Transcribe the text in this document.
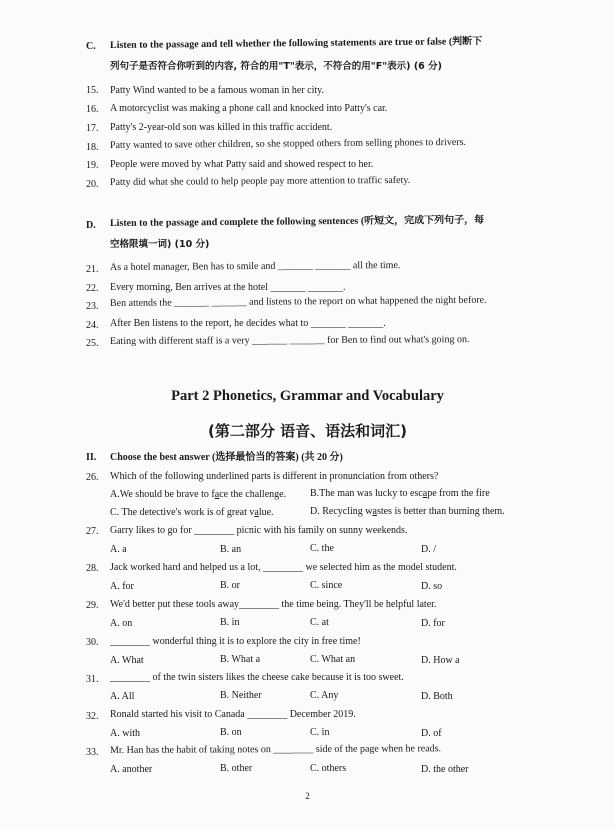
C. Listen to the passage and tell whether the following statements are true or false (判断下
列句子是否符合你听到的内容, 符合的用"T"表示，不符合的用"F"表示) (6 分)
15.	Patty Wind wanted to be a famous woman in her city.
16.	A motorcyclist was making a phone call and knocked into Patty's car.
17.	Patty's 2-year-old son was killed in this traffic accident.
18.	Patty wanted to save other children, so she stopped others from selling phones to drivers.
19.	People were moved by what Patty said and showed respect to her.
20.	Patty did what she could to help people pay more attention to traffic safety.
D. Listen to the passage and complete the following sentences (听短文，完成下列句子，每
空格限填一词) (10 分)
21.	As a hotel manager, Ben has to smile and _______ _______ all the time.
22.	Every morning, Ben arrives at the hotel _______ _______.
23.	Ben attends the _______ _______ and listens to the report on what happened the night before.
24.	After Ben listens to the report, he decides what to _______ _______.
25.	Eating with different staff is a very _______ _______ for Ben to find out what's going on.
Part 2 Phonetics, Grammar and Vocabulary
(第二部分 语音、语法和词汇)
II. Choose the best answer (选择最恰当的答案) (共 20 分)
26.	Which of the following underlined parts is different in pronunciation from others?
A.We should be brave to face the challenge. B.The man was lucky to escape from the fire
C. The detective's work is of great value.	D. Recycling wastes is better than burning them.
27.	Garry likes to go for ________ picnic with his family on sunny weekends.
A. a	B. an	C. the	D. /
28.	Jack worked hard and helped us a lot, ________ we selected him as the model student.
A. for	B. or	C. since	D. so
29.	We'd better put these tools away________ the time being. They'll be helpful later.
A. on	B. in	C. at	D. for
30.	________ wonderful thing it is to explore the city in free time!
A. What	B. What a	C. What an	D. How a
31.	________ of the twin sisters likes the cheese cake because it is too sweet.
A. All	B. Neither	C. Any	D. Both
32.	Ronald started his visit to Canada ________ December 2019.
A. with	B. on	C. in	D. of
33.	Mr. Han has the habit of taking notes on ________ side of the page when he reads.
A. another	B. other	C. others	D. the other
2
